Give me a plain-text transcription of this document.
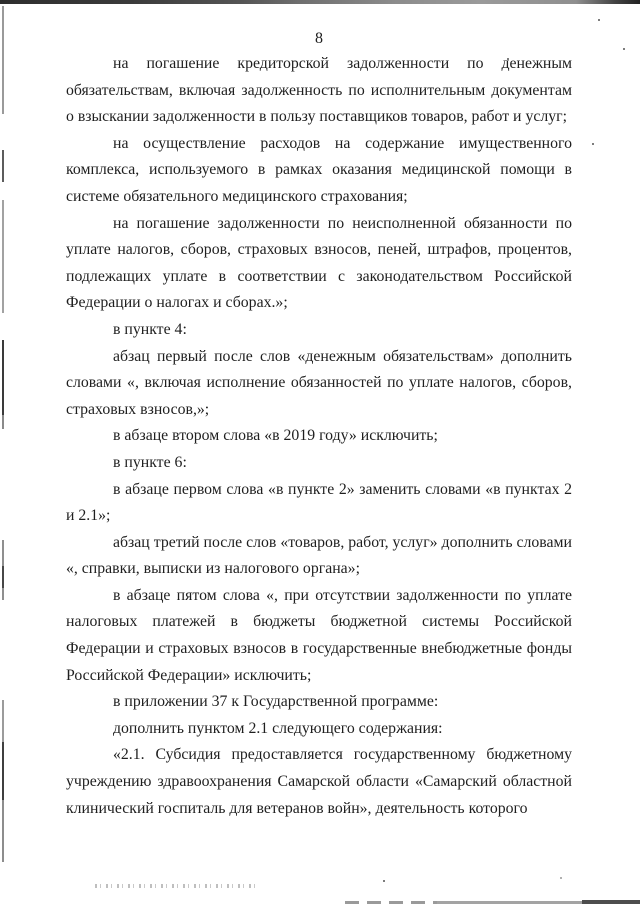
8

на погашение кредиторской задолженности по денежным обязательствам, включая задолженность по исполнительным документам о взыскании задолженности в пользу поставщиков товаров, работ и услуг;

на осуществление расходов на содержание имущественного комплекса, используемого в рамках оказания медицинской помощи в системе обязательного медицинского страхования;

на погашение задолженности по неисполненной обязанности по уплате налогов, сборов, страховых взносов, пеней, штрафов, процентов, подлежащих уплате в соответствии с законодательством Российской Федерации о налогах и сборах.»;

в пункте 4:

абзац первый после слов «денежным обязательствам» дополнить словами «, включая исполнение обязанностей по уплате налогов, сборов, страховых взносов,»;

в абзаце втором слова «в 2019 году» исключить;

в пункте 6:

в абзаце первом слова «в пункте 2» заменить словами «в пунктах 2 и 2.1»;

абзац третий после слов «товаров, работ, услуг» дополнить словами «, справки, выписки из налогового органа»;

в абзаце пятом слова «, при отсутствии задолженности по уплате налоговых платежей в бюджеты бюджетной системы Российской Федерации и страховых взносов в государственные внебюджетные фонды Российской Федерации» исключить;

в приложении 37 к Государственной программе:

дополнить пунктом 2.1 следующего содержания:

«2.1. Субсидия предоставляется государственному бюджетному учреждению здравоохранения Самарской области «Самарский областной клинический госпиталь для ветеранов войн», деятельность которого
